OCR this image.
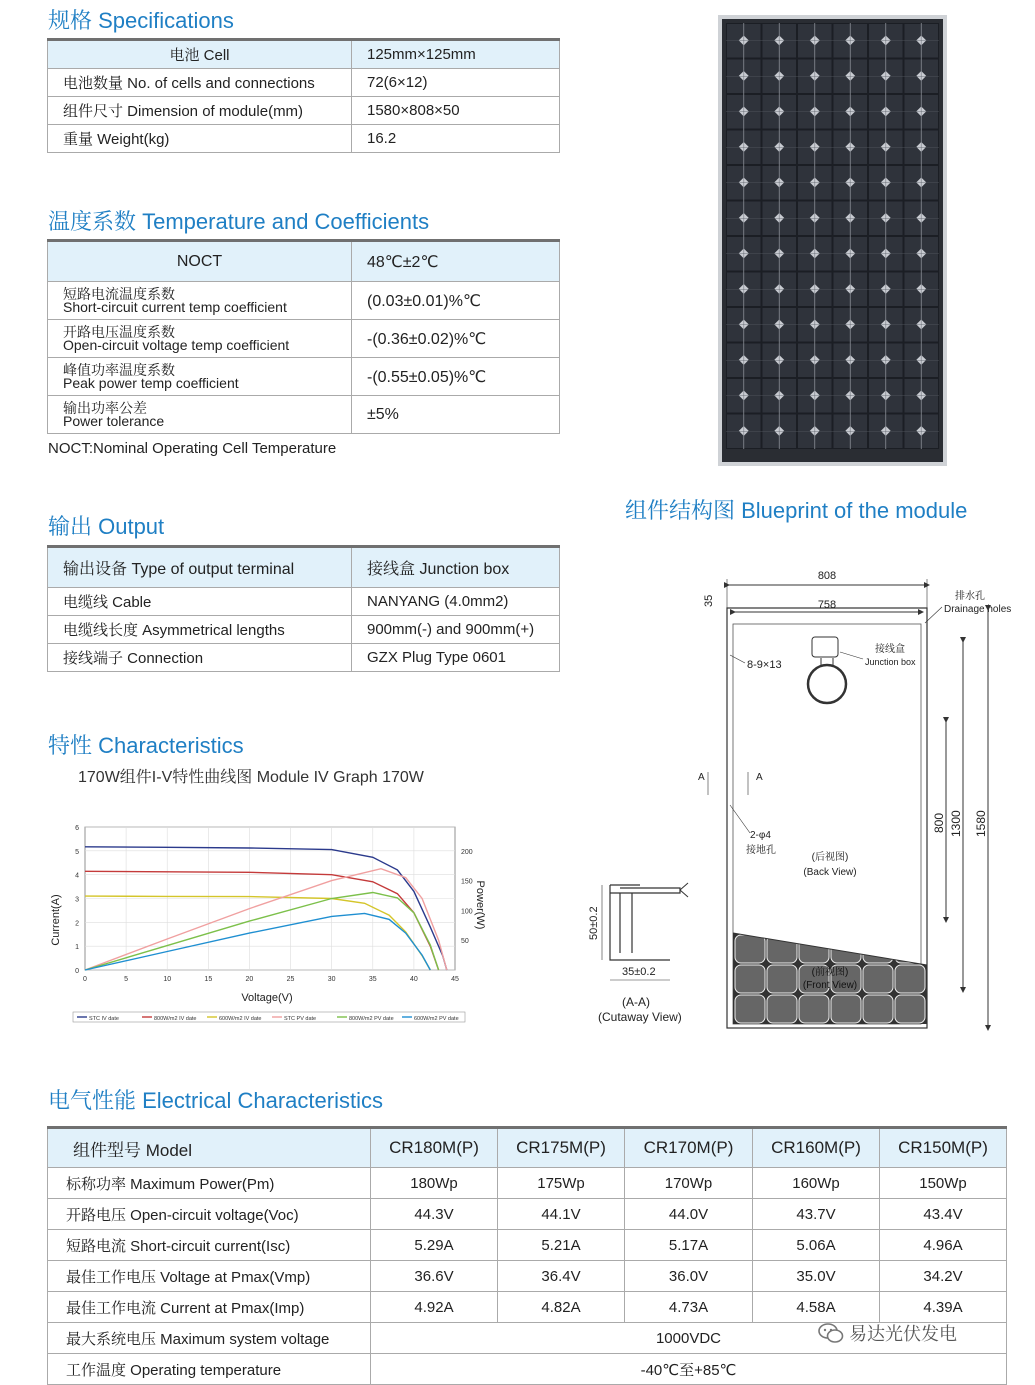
规格 Specifications
电池 Cell	125mm×125mm
电池数量 No. of cells and connections	72(6×12)
组件尺寸 Dimension of module(mm)	1580×808×50
重量 Weight(kg)	16.2
温度系数 Temperature and Coefficients
NOCT	48℃±2℃

短路电流温度系数
Short-circuit current temp coefficient	(0.03±0.01)%℃

开路电压温度系数
Open-circuit voltage temp coefficient	-(0.36±0.02)%℃

峰值功率温度系数
Peak power temp coefficient	-(0.55±0.05)%℃

输出功率公差
Power tolerance	±5%
NOCT:Nominal Operating Cell Temperature
输出 Output
输出设备 Type of output terminal	接线盒 Junction box
电缆线 Cable	NANYANG (4.0mm2)
电缆线长度 Asymmetrical lengths	900mm(-) and 900mm(+)
接线端子 Connection	GZX Plug Type 0601
组件结构图 Blueprint of the module
808
758
35	排水孔
Drainage holes
8-9×13
接线盒
Junction box
A	A
2-φ4
接地孔
(后视图)
(Back View)
(前视图)
(Front View)
800 1300 1580
50±0.2
35±0.2
(A-A)
(Cutaway View)
特性 Characteristics
170W组件I-V特性曲线图 Module IV Graph 170W
0	5	10	15	20	25	30	35	40	45
0
1
2
3
4
5
6
50
100
150
200
Voltage(V)
Current(A)	Power(W)
STC IV date	800W/m2 IV date	600W/m2 IV date	STC PV date	800W/m2 PV date	600W/m2 PV date
电气性能 Electrical Characteristics
组件型号 Model	CR180M(P)	CR175M(P)	CR170M(P)	CR160M(P)	CR150M(P)
标称功率 Maximum Power(Pm)	180Wp	175Wp	170Wp	160Wp	150Wp
开路电压 Open-circuit voltage(Voc)	44.3V	44.1V	44.0V	43.7V	43.4V
短路电流 Short-circuit current(Isc)	5.29A	5.21A	5.17A	5.06A	4.96A
最佳工作电压 Voltage at Pmax(Vmp)	36.6V	36.4V	36.0V	35.0V	34.2V
最佳工作电流 Current at Pmax(Imp)	4.92A	4.82A	4.73A	4.58A	4.39A
最大系统电压 Maximum system voltage	1000VDC				
工作温度 Operating temperature	-40℃至+85℃				
易达光伏发电
